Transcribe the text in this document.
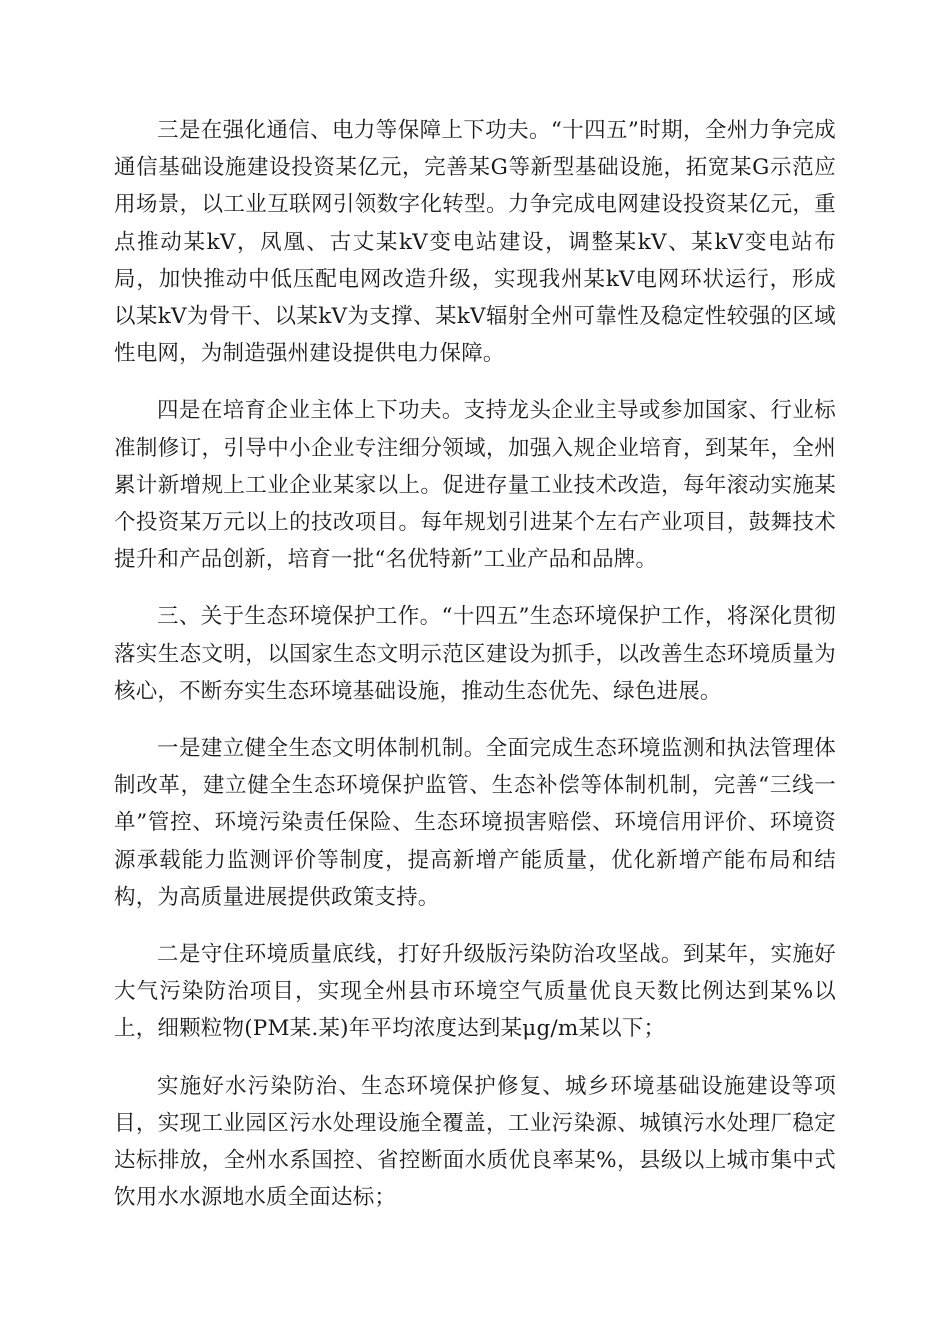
三是在强化通信、电力等保障上下功夫。“十四五”时期，全州力争完成通信基础设施建设投资某亿元，完善某G等新型基础设施，拓宽某G示范应用场景，以工业互联网引领数字化转型。力争完成电网建设投资某亿元，重点推动某kV，凤凰、古丈某kV变电站建设，调整某kV、某kV变电站布局，加快推动中低压配电网改造升级，实现我州某kV电网环状运行，形成以某kV为骨干、以某kV为支撑、某kV辐射全州可靠性及稳定性较强的区域性电网，为制造强州建设提供电力保障。

四是在培育企业主体上下功夫。支持龙头企业主导或参加国家、行业标准制修订，引导中小企业专注细分领域，加强入规企业培育，到某年，全州累计新增规上工业企业某家以上。促进存量工业技术改造，每年滚动实施某个投资某万元以上的技改项目。每年规划引进某个左右产业项目，鼓舞技术提升和产品创新，培育一批“名优特新”工业产品和品牌。

三、关于生态环境保护工作。“十四五”生态环境保护工作，将深化贯彻落实生态文明，以国家生态文明示范区建设为抓手，以改善生态环境质量为核心，不断夯实生态环境基础设施，推动生态优先、绿色进展。

一是建立健全生态文明体制机制。全面完成生态环境监测和执法管理体制改革，建立健全生态环境保护监管、生态补偿等体制机制，完善“三线一单”管控、环境污染责任保险、生态环境损害赔偿、环境信用评价、环境资源承载能力监测评价等制度，提高新增产能质量，优化新增产能布局和结构，为高质量进展提供政策支持。

二是守住环境质量底线，打好升级版污染防治攻坚战。到某年，实施好大气污染防治项目，实现全州县市环境空气质量优良天数比例达到某%以上，细颗粒物(PM某.某)年平均浓度达到某μg/m某以下；

实施好水污染防治、生态环境保护修复、城乡环境基础设施建设等项目，实现工业园区污水处理设施全覆盖，工业污染源、城镇污水处理厂稳定达标排放，全州水系国控、省控断面水质优良率某%，县级以上城市集中式饮用水水源地水质全面达标；
